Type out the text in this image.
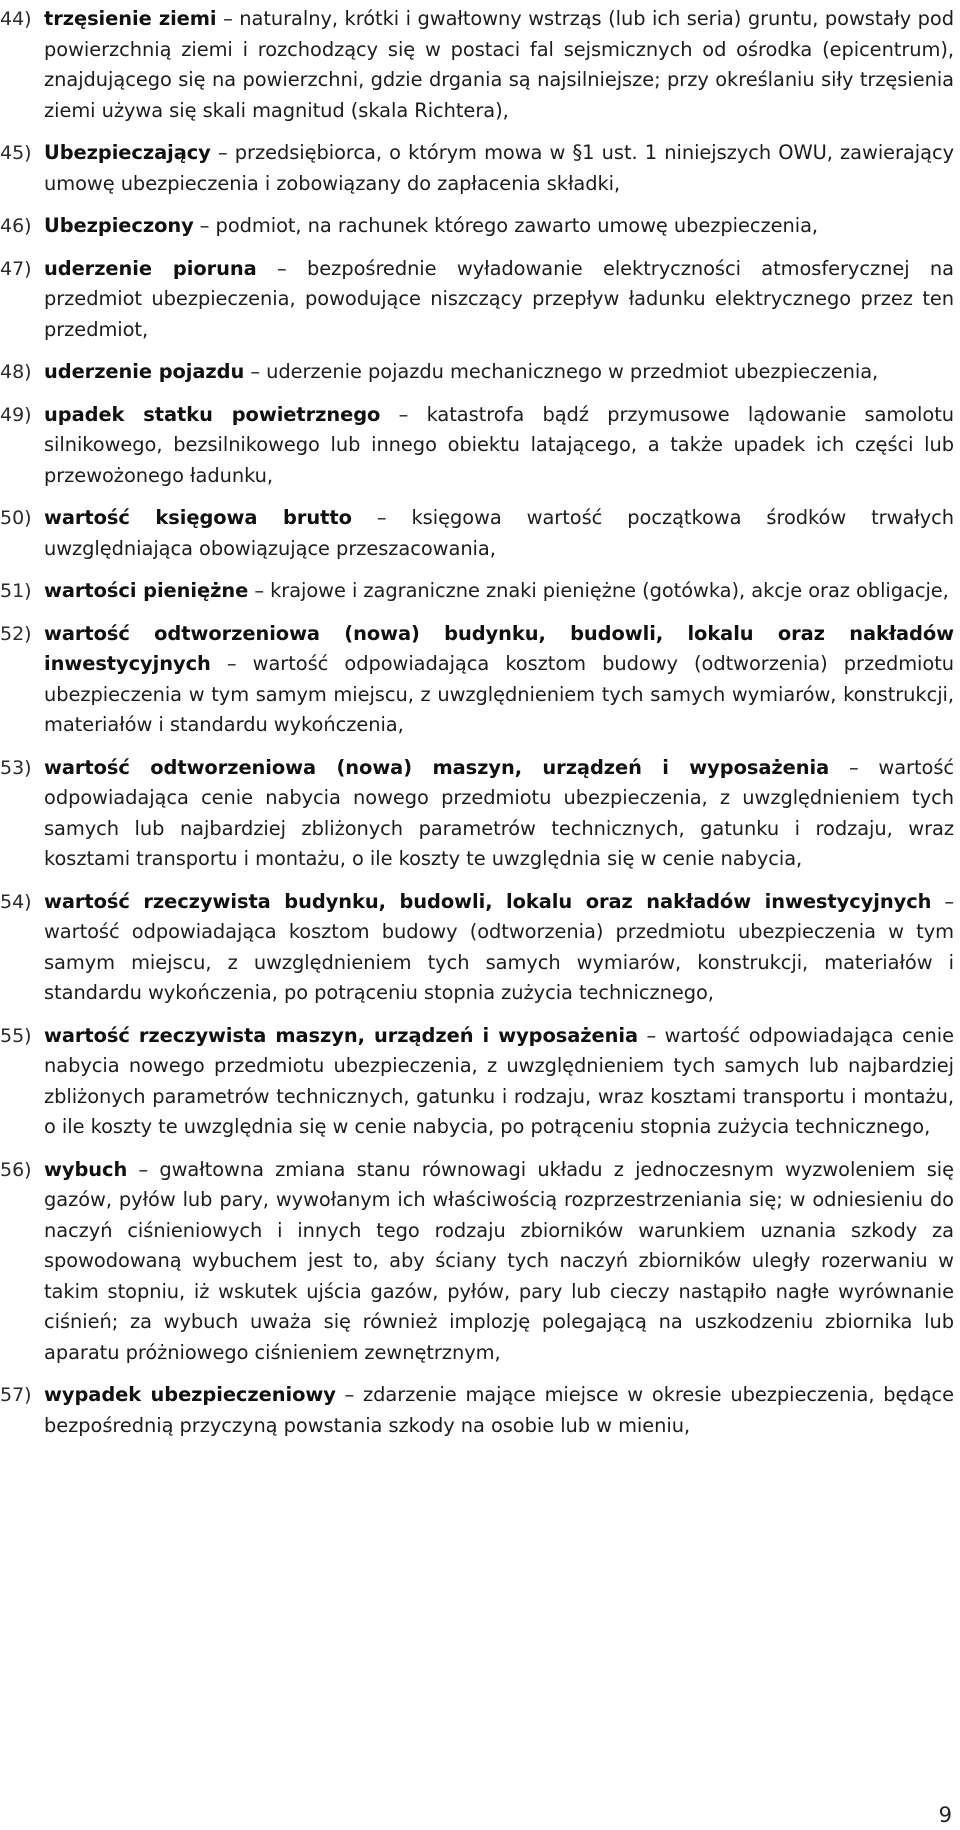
44) trzęsienie ziemi – naturalny, krótki i gwałtowny wstrząs (lub ich seria) gruntu, powstały pod powierzchnią ziemi i rozchodzący się w postaci fal sejsmicznych od ośrodka (epicentrum), znajdującego się na powierzchni, gdzie drgania są najsilniejsze; przy określaniu siły trzęsienia ziemi używa się skali magnitud (skala Richtera),
45) Ubezpieczający – przedsiębiorca, o którym mowa w §1 ust. 1 niniejszych OWU, zawierający umowę ubezpieczenia i zobowiązany do zapłacenia składki,
46) Ubezpieczony – podmiot, na rachunek którego zawarto umowę ubezpieczenia,
47) uderzenie pioruna – bezpośrednie wyładowanie elektryczności atmosferycznej na przedmiot ubezpieczenia, powodujące niszczący przepływ ładunku elektrycznego przez ten przedmiot,
48) uderzenie pojazdu – uderzenie pojazdu mechanicznego w przedmiot ubezpieczenia,
49) upadek statku powietrznego – katastrofa bądź przymusowe lądowanie samolotu silnikowego, bezsilnikowego lub innego obiektu latającego, a także upadek ich części lub przewożonego ładunku,
50) wartość księgowa brutto – księgowa wartość początkowa środków trwałych uwzględniająca obowiązujące przeszacowania,
51) wartości pieniężne – krajowe i zagraniczne znaki pieniężne (gotówka), akcje oraz obligacje,
52) wartość odtworzeniowa (nowa) budynku, budowli, lokalu oraz nakładów inwestycyjnych – wartość odpowiadająca kosztom budowy (odtworzenia) przedmiotu ubezpieczenia w tym samym miejscu, z uwzględnieniem tych samych wymiarów, konstrukcji, materiałów i standardu wykończenia,
53) wartość odtworzeniowa (nowa) maszyn, urządzeń i wyposażenia – wartość odpowiadająca cenie nabycia nowego przedmiotu ubezpieczenia, z uwzględnieniem tych samych lub najbardziej zbliżonych parametrów technicznych, gatunku i rodzaju, wraz kosztami transportu i montażu, o ile koszty te uwzględnia się w cenie nabycia,
54) wartość rzeczywista budynku, budowli, lokalu oraz nakładów inwestycyjnych – wartość odpowiadająca kosztom budowy (odtworzenia) przedmiotu ubezpieczenia w tym samym miejscu, z uwzględnieniem tych samych wymiarów, konstrukcji, materiałów i standardu wykończenia, po potrąceniu stopnia zużycia technicznego,
55) wartość rzeczywista maszyn, urządzeń i wyposażenia – wartość odpowiadająca cenie nabycia nowego przedmiotu ubezpieczenia, z uwzględnieniem tych samych lub najbardziej zbliżonych parametrów technicznych, gatunku i rodzaju, wraz kosztami transportu i montażu, o ile koszty te uwzględnia się w cenie nabycia, po potrąceniu stopnia zużycia technicznego,
56) wybuch – gwałtowna zmiana stanu równowagi układu z jednoczesnym wyzwoleniem się gazów, pyłów lub pary, wywołanym ich właściwością rozprzestrzeniania się; w odniesieniu do naczyń ciśnieniowych i innych tego rodzaju zbiorników warunkiem uznania szkody za spowodowaną wybuchem jest to, aby ściany tych naczyń zbiorników uległy rozerwaniu w takim stopniu, iż wskutek ujścia gazów, pyłów, pary lub cieczy nastąpiło nagłe wyrównanie ciśnień; za wybuch uważa się również implozję polegającą na uszkodzeniu zbiornika lub aparatu próżniowego ciśnieniem zewnętrznym,
57) wypadek ubezpieczeniowy – zdarzenie mające miejsce w okresie ubezpieczenia, będące bezpośrednią przyczyną powstania szkody na osobie lub w mieniu,
9
